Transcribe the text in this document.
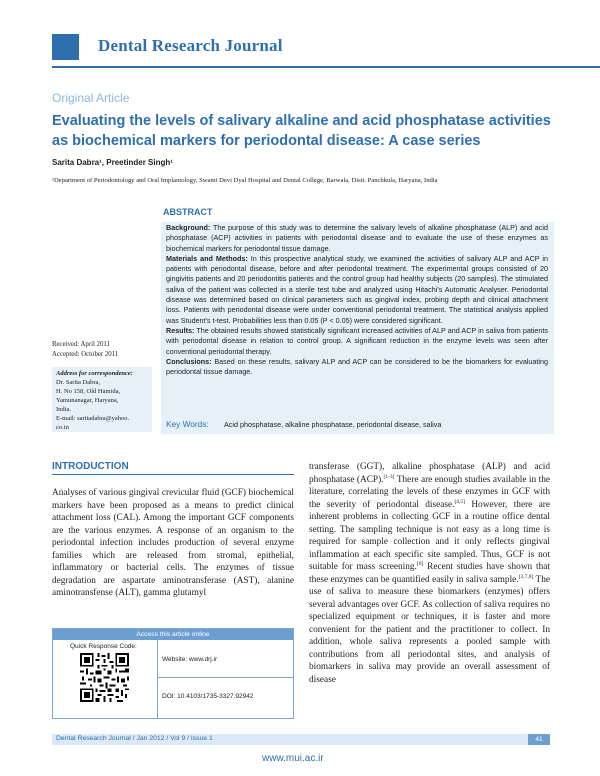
Dental Research Journal
Original Article
Evaluating the levels of salivary alkaline and acid phosphatase activities as biochemical markers for periodontal disease: A case series
Sarita Dabra¹, Preetinder Singh¹
¹Department of Periodontology and Oral Implantology, Swami Devi Dyal Hospital and Dental College, Barwala, Distt. Panchkula, Haryana, India
ABSTRACT

Background: The purpose of this study was to determine the salivary levels of alkaline phosphatase (ALP) and acid phosphatase (ACP) activities in patients with periodontal disease and to evaluate the use of these enzymes as biochemical markers for periodontal tissue damage.

Materials and Methods: In this prospective analytical study, we examined the activities of salivary ALP and ACP in patients with periodontal disease, before and after periodontal treatment. The experimental groups consisted of 20 gingivitis patients and 20 periodontitis patients and the control group had healthy subjects (20 samples). The stimulated saliva of the patient was collected in a sterile test tube and analyzed using Hitachi's Automatic Analyser. Periodontal disease was determined based on clinical parameters such as gingival index, probing depth and clinical attachment loss. Patients with periodontal disease were under conventional periodontal treatment. The statistical analysis applied was Student's t-test. Probabilities less than 0.05 (P < 0.05) were considered significant.

Results: The obtained results showed statistically significant increased activities of ALP and ACP in saliva from patients with periodontal disease in relation to control group. A significant reduction in the enzyme levels was seen after conventional periodontal therapy.

Conclusions: Based on these results, salivary ALP and ACP can be considered to be the biomarkers for evaluating periodontal tissue damage.

Key Words: Acid phosphatase, alkaline phosphatase, periodontal disease, saliva
Received: April 2011
Accepted: October 2011
Address for correspondence:
Dr. Sarita Dabra,
H. No 158, Old Hamida,
Yamunanagar, Haryana,
India.
E-mail: saritadabra@yahoo.
co.in
INTRODUCTION
Analyses of various gingival crevicular fluid (GCF) biochemical markers have been proposed as a means to predict clinical attachment loss (CAL). Among the important GCF components are the various enzymes. A response of an organism to the periodontal infection includes production of several enzyme families which are released from stromal, epithelial, inflammatory or bacterial cells. The enzymes of tissue degradation are aspartate aminotransferase (AST), alanine aminotransfense (ALT), gamma glutamyl
transferase (GGT), alkaline phosphatase (ALP) and acid phosphatase (ACP).[1-3] There are enough studies available in the literature, correlating the levels of these enzymes in GCF with the severity of periodontal disease.[4,5] However, there are inherent problems in collecting GCF in a routine office dental setting. The sampling technique is not easy as a long time is required for sample collection and it only reflects gingival inflammation at each specific site sampled. Thus, GCF is not suitable for mass screening.[6] Recent studies have shown that these enzymes can be quantified easily in saliva sample.[3,7,8] The use of saliva to measure these biomarkers (enzymes) offers several advantages over GCF. As collection of saliva requires no specialized equipment or techniques, it is faster and more convenient for the patient and the practitioner to collect. In addition, whole saliva represents a pooled sample with contributions from all periodontal sites, and analysis of biomarkers in saliva may provide an overall assessment of disease
Access this article online
Quick Response Code:
Website: www.drj.ir
DOI: 10.4103/1735-3327.92942
Dental Research Journal / Jan 2012 / Vol 9 / Issue 1	41
www.mui.ac.ir
